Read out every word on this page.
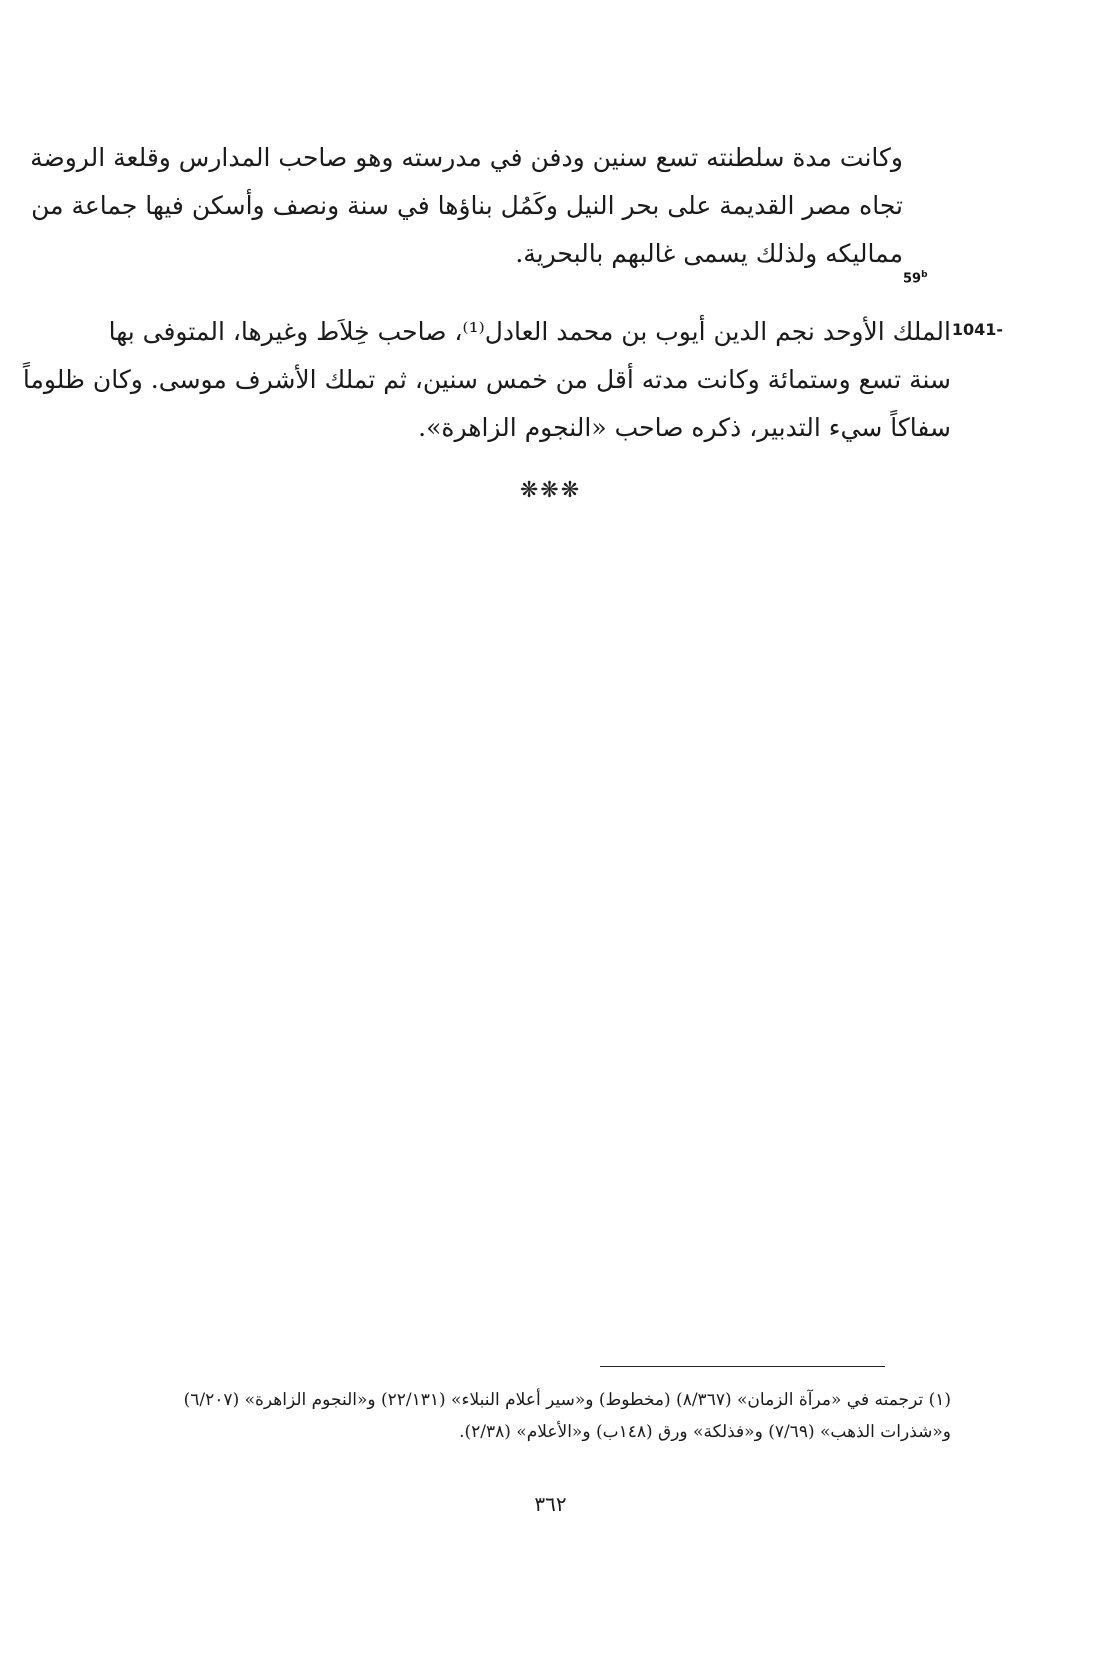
وكانت مدة سلطنته تسع سنين ودفن في مدرسته وهو صاحب المدارس وقلعة الروضة
تجاه مصر القديمة على بحر النيل وكَمُل بناؤها في سنة ونصف وأسكن فيها جماعة من
مماليكه ولذلك يسمى غالبهم بالبحرية.
59$^b$
1041-
الملك الأوحد نجم الدين أيوب بن محمد العادل⁽¹⁾، صاحب خِلاَط وغيرها، المتوفى بها
سنة تسع وستمائة وكانت مدته أقل من خمس سنين، ثم تملك الأشرف موسى. وكان ظلوماً
سفاكاً سيء التدبير، ذكره صاحب «النجوم الزاهرة».
❋❋❋
(١) ترجمته في «مرآة الزمان» (٨/٣٦٧) (مخطوط) و«سير أعلام النبلاء» (٢٢/١٣١) و«النجوم الزاهرة» (٦/٢٠٧)
و«شذرات الذهب» (٧/٦٩) و«فذلكة» ورق (١٤٨ب) و«الأعلام» (٢/٣٨).
٣٦٢
